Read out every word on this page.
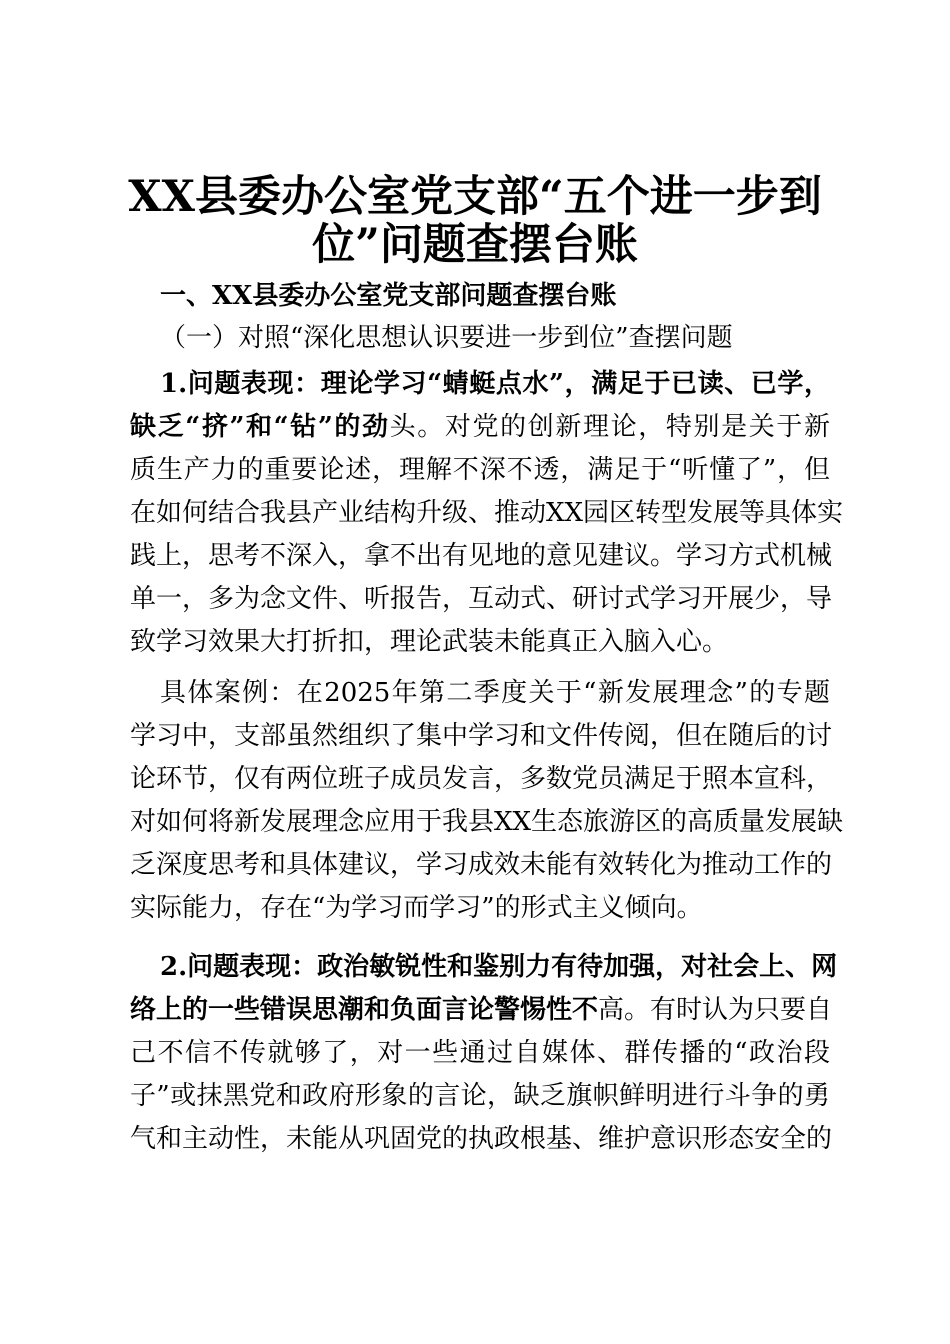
XX县委办公室党支部“五个进一步到
位”问题查摆台账
一、XX县委办公室党支部问题查摆台账
（一）对照“深化思想认识要进一步到位”查摆问题
1.问题表现：理论学习“蜻蜓点水”，满足于已读、已学，
缺乏“挤”和“钻”的劲头。对党的创新理论，特别是关于新
质生产力的重要论述，理解不深不透，满足于“听懂了”，但
在如何结合我县产业结构升级、推动XX园区转型发展等具体实
践上，思考不深入，拿不出有见地的意见建议。学习方式机械
单一，多为念文件、听报告，互动式、研讨式学习开展少，导
致学习效果大打折扣，理论武装未能真正入脑入心。
具体案例：在2025年第二季度关于“新发展理念”的专题
学习中，支部虽然组织了集中学习和文件传阅，但在随后的讨
论环节，仅有两位班子成员发言，多数党员满足于照本宣科，
对如何将新发展理念应用于我县XX生态旅游区的高质量发展缺
乏深度思考和具体建议，学习成效未能有效转化为推动工作的
实际能力，存在“为学习而学习”的形式主义倾向。
2.问题表现：政治敏锐性和鉴别力有待加强，对社会上、网
络上的一些错误思潮和负面言论警惕性不高。有时认为只要自
己不信不传就够了，对一些通过自媒体、群传播的“政治段
子”或抹黑党和政府形象的言论，缺乏旗帜鲜明进行斗争的勇
气和主动性，未能从巩固党的执政根基、维护意识形态安全的
